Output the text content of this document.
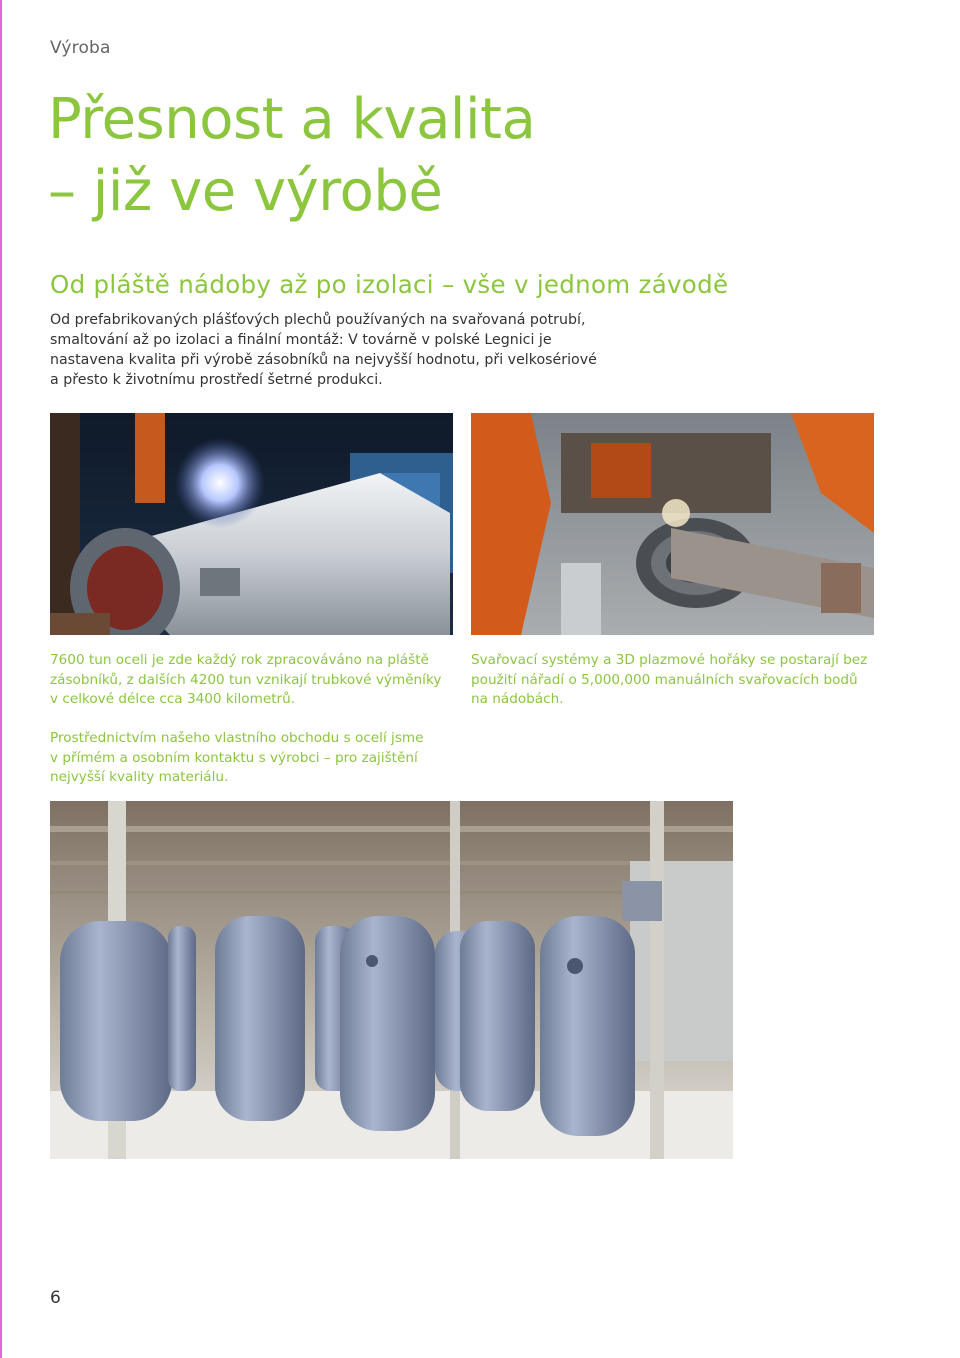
Výroba
Přesnost a kvalita
– již ve výrobě
Od pláště nádoby až po izolaci – vše v jednom závodě

Od prefabrikovaných plášťových plechů používaných na svařovaná potrubí, smaltování až po izolaci a finální montáž: V továrně v polské Legnici je nastavena kvalita při výrobě zásobníků na nejvyšší hodnotu, při velkosériové a přesto k životnímu prostředí šetrné produkci.

7600 tun oceli je zde každý rok zpracováváno na pláště zásobníků, z dalších 4200 tun vznikají trubkové výměníky v celkové délce cca 3400 kilometrů.

Svařovací systémy a 3D plazmové hořáky se postarají bez použití nářadí o 5,000,000 manuálních svařovacích bodů na nádobách.

Prostřednictvím našeho vlastního obchodu s ocelí jsme v přímém a osobním kontaktu s výrobci – pro zajištění nejvyšší kvality materiálu.

6
